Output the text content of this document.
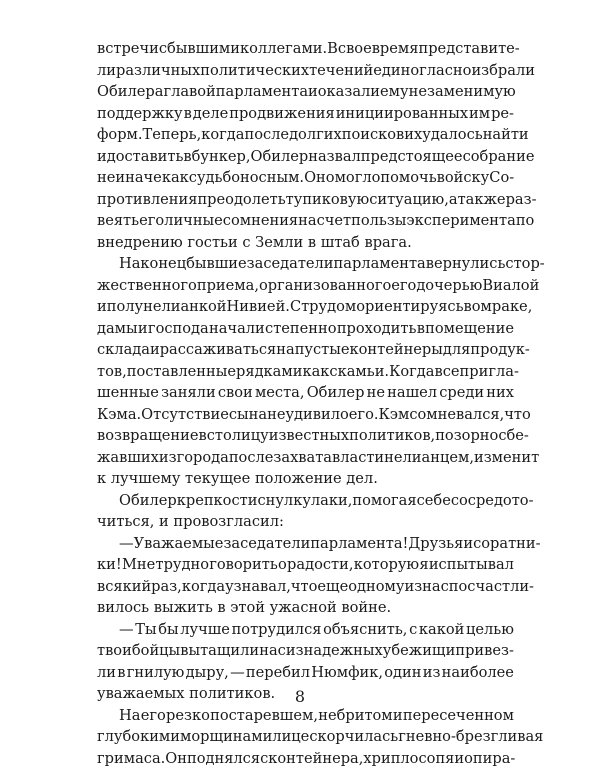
встречи с бывшими коллегами. В свое время представите-
ли различных политических течений единогласно избрали
Обилера главой парламента и оказали ему незаменимую
поддержку в деле продвижения инициированных им ре-
форм. Теперь, когда после долгих поисков их удалось найти
и доставить в бункер, Обилер назвал предстоящее собрание
не иначе как судьбоносным. Оно могло помочь войску Со-
противления преодолеть тупиковую ситуацию, а также раз-
веять его личные сомнения насчет пользы эксперимента по
внедрению гостьи с Земли в штаб врага.
Наконец бывшие заседатели парламента вернулись с тор-
жественного приема, организованного его дочерью Виалой
и полунелианкой Нивией. С трудом ориентируясь во мраке,
дамы и господа начали степенно проходить в помещение
склада и рассаживаться на пустые контейнеры для продук-
тов, поставленные рядками как скамьи. Когда все пригла-
шенные заняли свои места, Обилер не нашел среди них
Кэма. Отсутствие сына не удивило его. Кэм сомневался, что
возвращение в столицу известных политиков, позорно сбе-
жавших из города после захвата власти нелианцем, изменит
к лучшему текущее положение дел.
Обилер крепко стиснул кулаки, помогая себе сосредото-
читься, и провозгласил:
— Уважаемые заседатели парламента! Друзья и соратни-
ки! Мне трудно говорить о радости, которую я испытывал
всякий раз, когда узнавал, что еще одному из нас посчастли-
вилось выжить в этой ужасной войне.
— Ты бы лучше потрудился объяснить, с какой целью
твои бойцы вытащили нас из надежных убежищ и привез-
ли в гнилую дыру, — перебил Нюмфик, один из наиболее
уважаемых политиков.
На его резко постаревшем, небритом и пересеченном
глубокими морщинами лице скорчилась гневно-брезгливая
гримаса. Он поднялся с контейнера, хрипло сопя и опира-
8
